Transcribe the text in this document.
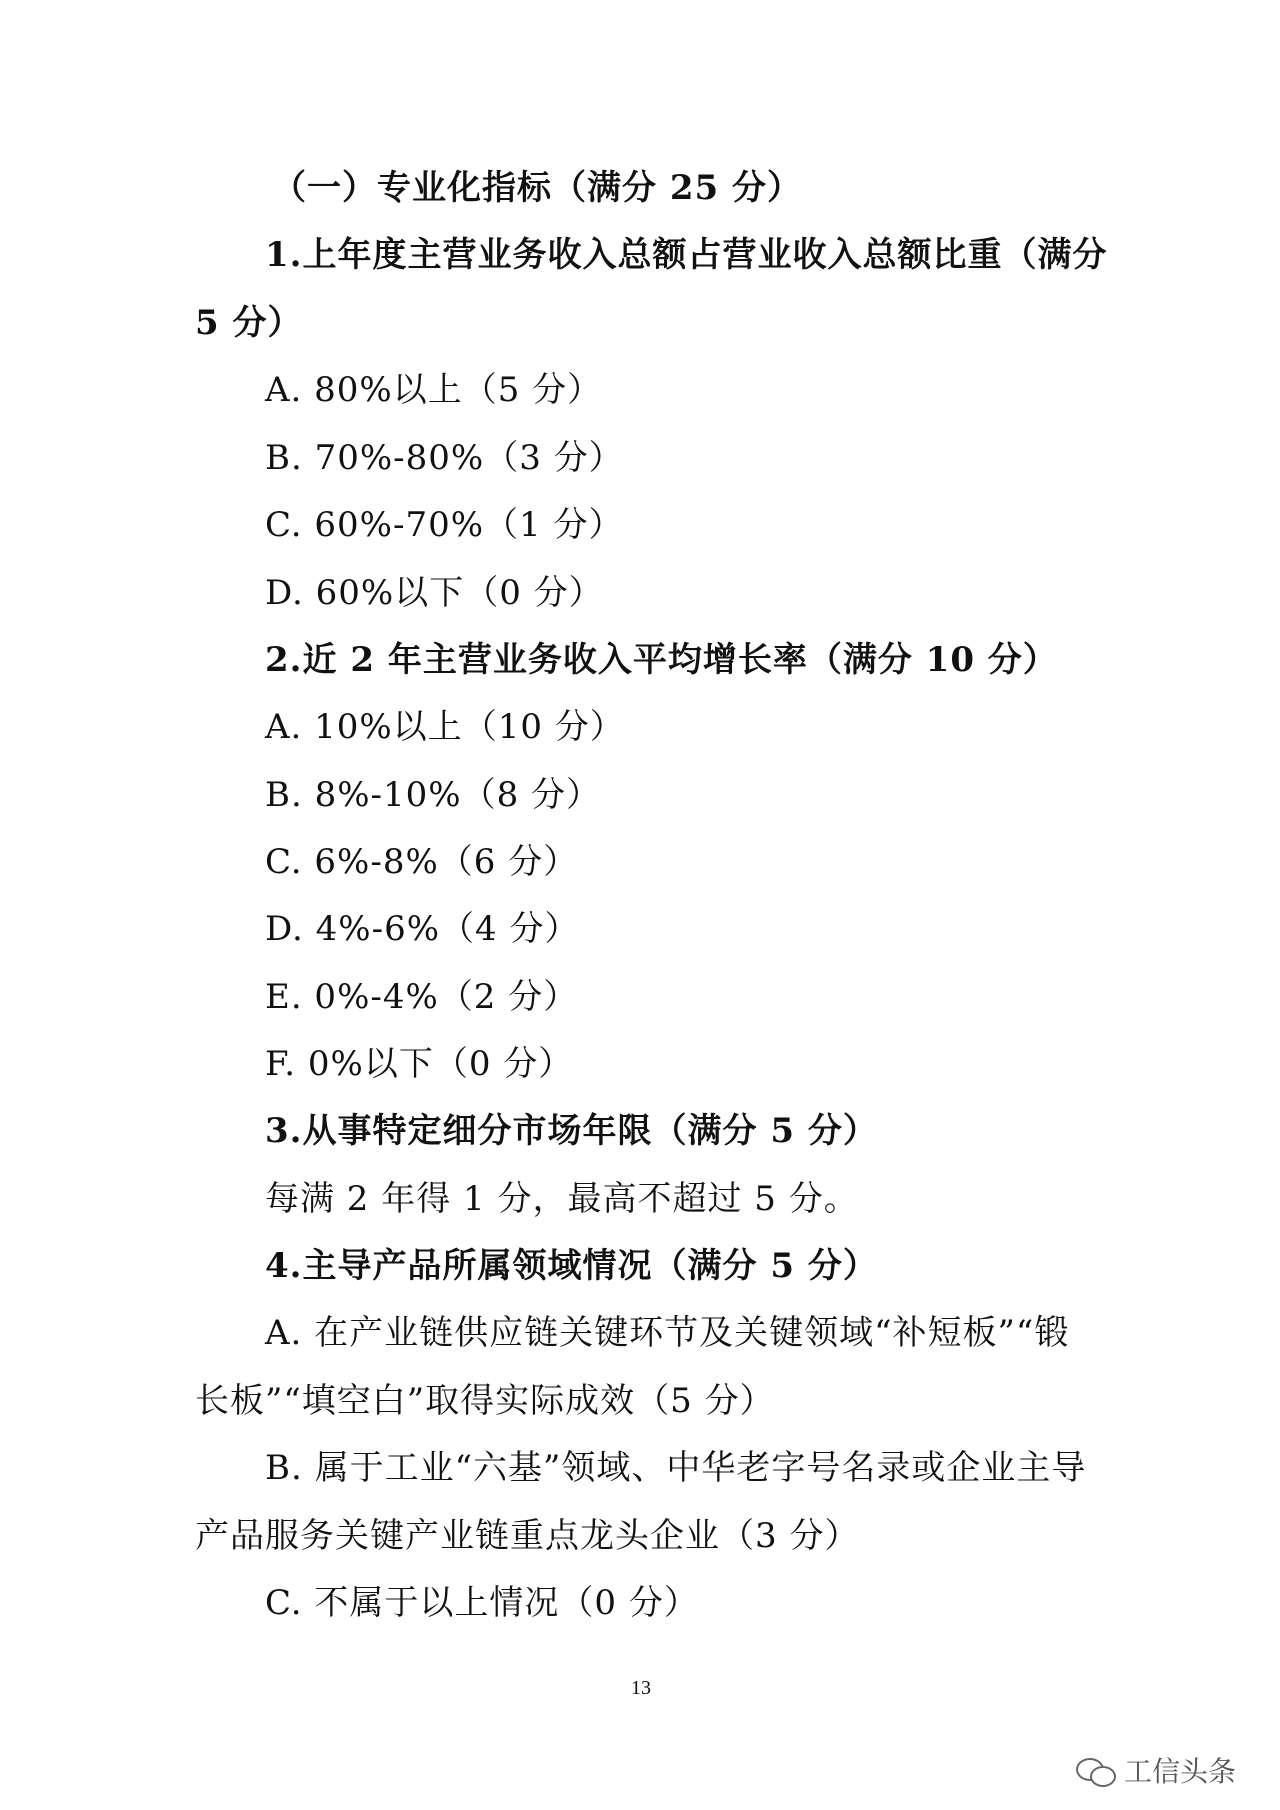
（一）专业化指标（满分 25 分）
1.上年度主营业务收入总额占营业收入总额比重（满分
5 分）
A. 80%以上（5 分）
B. 70%-80%（3 分）
C. 60%-70%（1 分）
D. 60%以下（0 分）
2.近 2 年主营业务收入平均增长率（满分 10 分）
A. 10%以上（10 分）
B. 8%-10%（8 分）
C. 6%-8%（6 分）
D. 4%-6%（4 分）
E. 0%-4%（2 分）
F. 0%以下（0 分）
3.从事特定细分市场年限（满分 5 分）
每满 2 年得 1 分，最高不超过 5 分。
4.主导产品所属领域情况（满分 5 分）
A. 在产业链供应链关键环节及关键领域“补短板”“锻
长板”“填空白”取得实际成效（5 分）
B. 属于工业“六基”领域、中华老字号名录或企业主导
产品服务关键产业链重点龙头企业（3 分）
C. 不属于以上情况（0 分）
13
工信头条
